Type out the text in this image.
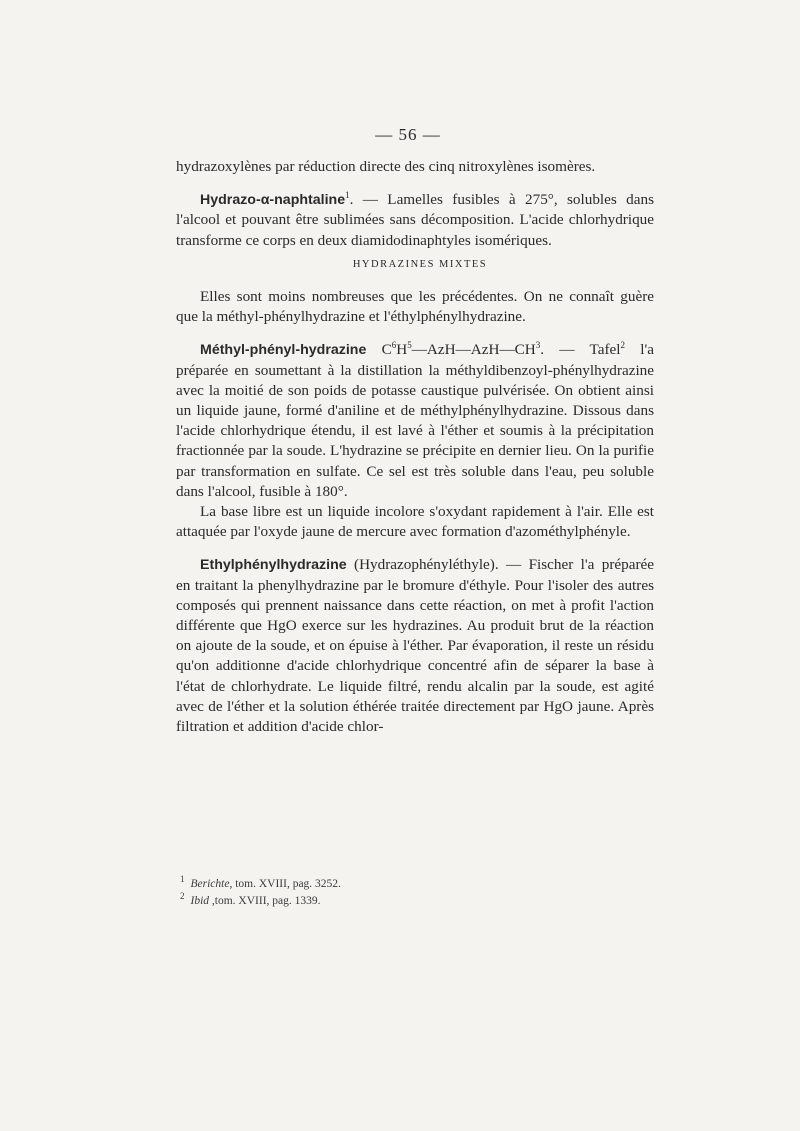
— 56 —

hydrazoxylènes par réduction directe des cinq nitroxylènes isomères.

Hydrazo-α-naphtaline$^1$. — Lamelles fusibles à 275°, solubles dans l'alcool et pouvant être sublimées sans décomposition. L'acide chlorhydrique transforme ce corps en deux diamidodinaphtyles isomériques.

HYDRAZINES MIXTES

Elles sont moins nombreuses que les précédentes. On ne connaît guère que la méthyl-phénylhydrazine et l'éthylphénylhydrazine.

Méthyl-phényl-hydrazine $C^6H^5—AzH—AzH—CH^3$. — Tafel$^2$ l'a préparée en soumettant à la distillation la méthyldibenzoyl-phénylhydrazine avec la moitié de son poids de potasse caustique pulvérisée. On obtient ainsi un liquide jaune, formé d'aniline et de méthylphénylhydrazine. Dissous dans l'acide chlorhydrique étendu, il est lavé à l'éther et soumis à la précipitation fractionnée par la soude. L'hydrazine se précipite en dernier lieu. On la purifie par transformation en sulfate. Ce sel est très soluble dans l'eau, peu soluble dans l'alcool, fusible à 180°.

La base libre est un liquide incolore s'oxydant rapidement à l'air. Elle est attaquée par l'oxyde jaune de mercure avec formation d'azométhylphényle.

Ethylphénylhydrazine (Hydrazophényléthyle). — Fischer l'a préparée en traitant la phenylhydrazine par le bromure d'éthyle. Pour l'isoler des autres composés qui prennent naissance dans cette réaction, on met à profit l'action différente que HgO exerce sur les hydrazines. Au produit brut de la réaction on ajoute de la soude, et on épuise à l'éther. Par évaporation, il reste un résidu qu'on additionne d'acide chlorhydrique concentré afin de séparer la base à l'état de chlorhydrate. Le liquide filtré, rendu alcalin par la soude, est agité avec de l'éther et la solution éthérée traitée directement par HgO jaune. Après filtration et addition d'acide chlor-

$^1$ Berichte, tom. XVIII, pag. 3252.

$^2$ Ibid ,tom. XVIII, pag. 1339.
